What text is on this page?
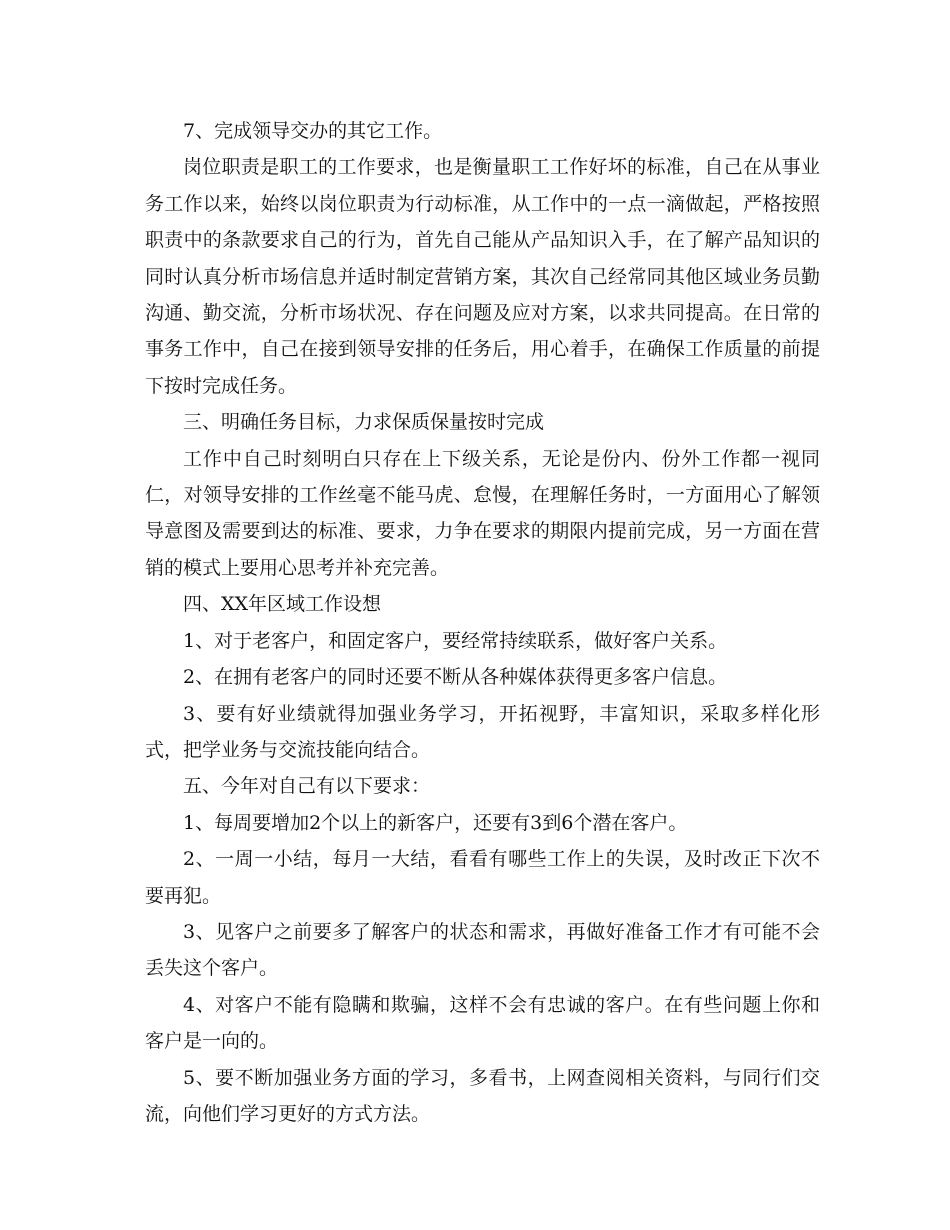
7、完成领导交办的其它工作。

岗位职责是职工的工作要求，也是衡量职工工作好坏的标准，自己在从事业务工作以来，始终以岗位职责为行动标准，从工作中的一点一滴做起，严格按照职责中的条款要求自己的行为，首先自己能从产品知识入手，在了解产品知识的同时认真分析市场信息并适时制定营销方案，其次自己经常同其他区域业务员勤沟通、勤交流，分析市场状况、存在问题及应对方案，以求共同提高。在日常的事务工作中，自己在接到领导安排的任务后，用心着手，在确保工作质量的前提下按时完成任务。

三、明确任务目标，力求保质保量按时完成

工作中自己时刻明白只存在上下级关系，无论是份内、份外工作都一视同仁，对领导安排的工作丝毫不能马虎、怠慢，在理解任务时，一方面用心了解领导意图及需要到达的标准、要求，力争在要求的期限内提前完成，另一方面在营销的模式上要用心思考并补充完善。

四、XX年区域工作设想

1、对于老客户，和固定客户，要经常持续联系，做好客户关系。

2、在拥有老客户的同时还要不断从各种媒体获得更多客户信息。

3、要有好业绩就得加强业务学习，开拓视野，丰富知识，采取多样化形式，把学业务与交流技能向结合。

五、今年对自己有以下要求：

1、每周要增加2个以上的新客户，还要有3到6个潜在客户。

2、一周一小结，每月一大结，看看有哪些工作上的失误，及时改正下次不要再犯。

3、见客户之前要多了解客户的状态和需求，再做好准备工作才有可能不会丢失这个客户。

4、对客户不能有隐瞒和欺骗，这样不会有忠诚的客户。在有些问题上你和客户是一向的。

5、要不断加强业务方面的学习，多看书，上网查阅相关资料，与同行们交流，向他们学习更好的方式方法。
